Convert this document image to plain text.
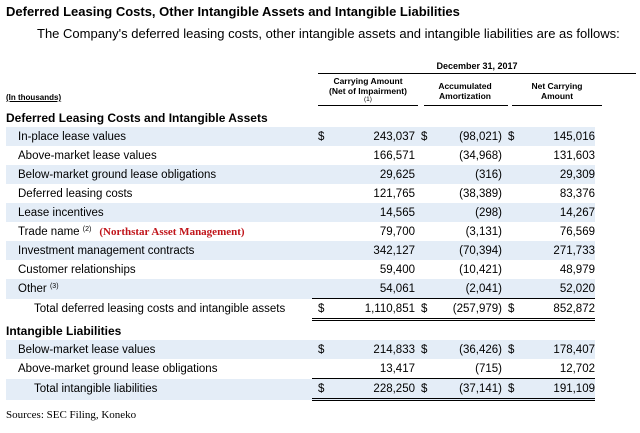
Deferred Leasing Costs, Other Intangible Assets and Intangible Liabilities
The Company's deferred leasing costs, other intangible assets and intangible liabilities are as follows:
December 31, 2017
Carrying Amount
(Net of Impairment)
(1)
Accumulated
Amortization
Net Carrying
Amount
(In thousands)
Deferred Leasing Costs and Intangible Assets							
In-place lease values	$	243,037	$	(98,021)	$	145,016	
Above-market lease values		166,571		(34,968)		131,603	
Below-market ground lease obligations		29,625		(316)		29,309	
Deferred leasing costs		121,765		(38,389)		83,376	
Lease incentives		14,565		(298)		14,267	
Trade name $^{(2)}$ (Northstar Asset Management)		79,700		(3,131)		76,569	
Investment management contracts		342,127		(70,394)		271,733	
Customer relationships		59,400		(10,421)		48,979	
Other $^{(3)}$		54,061		(2,041)		52,020	
Total deferred leasing costs and intangible assets	$	1,110,851	$	(257,979)	$	852,872	
Intangible Liabilities							
Below-market lease values	$	214,833	$	(36,426)	$	178,407	
Above-market ground lease obligations		13,417		(715)		12,702	
Total intangible liabilities	$	228,250	$	(37,141)	$	191,109	
Sources: SEC Filing, Koneko
